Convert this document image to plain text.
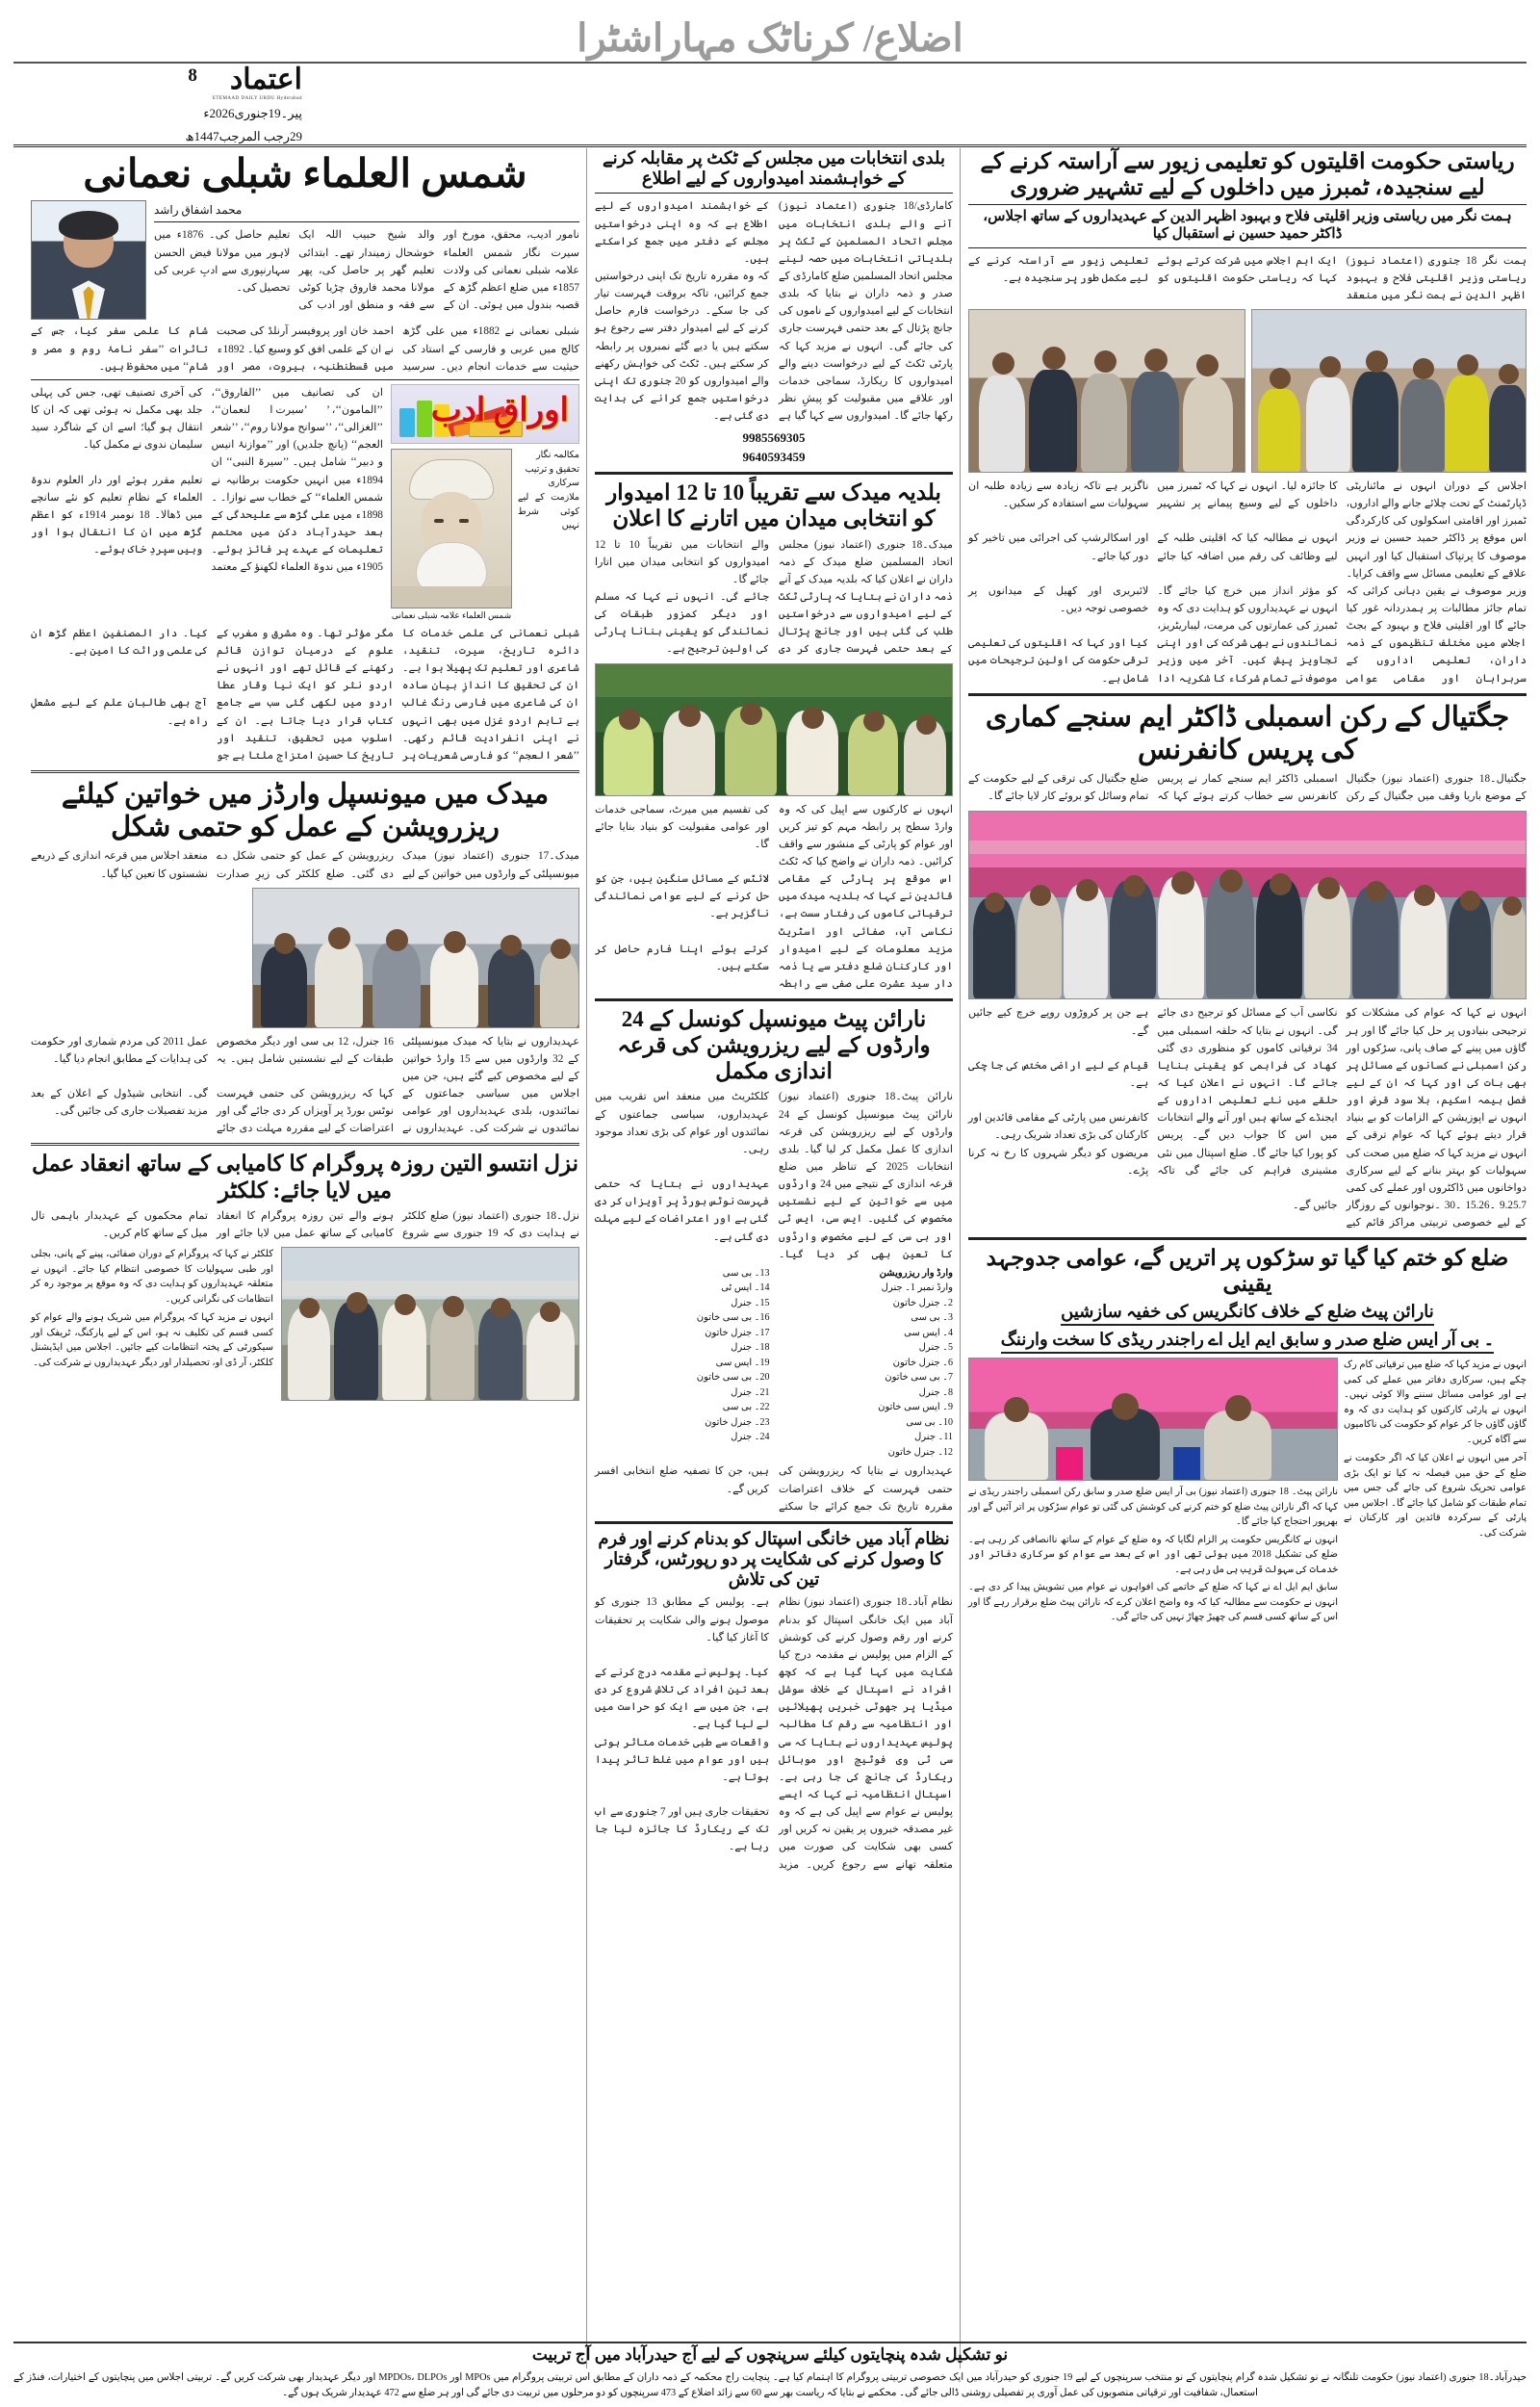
اضلاع/ کرناٹک مہاراشٹرا
اعتماد
ETEMAAD DAILY URDU Hyderabad
8
پیر۔19جنوری2026ء
29رجب المرجب1447ھ
ریاستی حکومت اقلیتوں کو تعلیمی زیور سے آراستہ کرنے کے لیے سنجیدہ، ٹمبرز میں داخلوں کے لیے تشہیر ضروری
ہمت نگر میں ریاستی وزیر اقلیتی فلاح و بہبود اظہر الدین کے عہدیداروں کے ساتھ اجلاس، ڈاکٹر حمید حسین نے استقبال کیا
ہمت نگر 18 جنوری (اعتماد نیوز) ریاستی وزیر اقلیتی فلاح و بہبود اظہر الدین نے ہمت نگر میں منعقد ایک اہم اجلاس میں شرکت کرتے ہوئے کہا کہ ریاستی حکومت اقلیتوں کو تعلیمی زیور سے آراستہ کرنے کے لیے مکمل طور پر سنجیدہ ہے۔
اجلاس کے دوران انہوں نے مائناریٹی ڈپارٹمنٹ کے تحت چلائے جانے والے اداروں، ٹمبرز اور اقامتی اسکولوں کی کارکردگی کا جائزہ لیا۔ انہوں نے کہا کہ ٹمبرز میں داخلوں کے لیے وسیع پیمانے پر تشہیر ناگزیر ہے تاکہ زیادہ سے زیادہ طلبہ ان سہولیات سے استفادہ کر سکیں۔
اس موقع پر ڈاکٹر حمید حسین نے وزیر موصوف کا پرتپاک استقبال کیا اور انہیں علاقے کے تعلیمی مسائل سے واقف کرایا۔ انہوں نے مطالبہ کیا کہ اقلیتی طلبہ کے لیے وظائف کی رقم میں اضافہ کیا جائے اور اسکالرشپ کی اجرائی میں تاخیر کو دور کیا جائے۔
وزیر موصوف نے یقین دہانی کرائی کہ تمام جائز مطالبات پر ہمدردانہ غور کیا جائے گا اور اقلیتی فلاح و بہبود کے بجٹ کو مؤثر انداز میں خرچ کیا جائے گا۔ انہوں نے عہدیداروں کو ہدایت دی کہ وہ ٹمبرز کی عمارتوں کی مرمت، لیباریٹریز، لائبریری اور کھیل کے میدانوں پر خصوصی توجہ دیں۔
اجلاس میں مختلف تنظیموں کے ذمہ داران، تعلیمی اداروں کے سربراہان اور مقامی عوامی نمائندوں نے بھی شرکت کی اور اپنی تجاویز پیش کیں۔ آخر میں وزیر موصوف نے تمام شرکاء کا شکریہ ادا کیا اور کہا کہ اقلیتوں کی تعلیمی ترقی حکومت کی اولین ترجیحات میں شامل ہے۔
جگتیال کے رکن اسمبلی ڈاکٹر ایم سنجے کماری کی پریس کانفرنس
جگتیال۔18 جنوری (اعتماد نیوز) جگتیال کے موضع باریا وقف میں جگتیال کے رکن اسمبلی ڈاکٹر ایم سنجے کمار نے پریس کانفرنس سے خطاب کرتے ہوئے کہا کہ ضلع جگتیال کی ترقی کے لیے حکومت کے تمام وسائل کو بروئے کار لایا جائے گا۔
انہوں نے کہا کہ عوام کی مشکلات کو ترجیحی بنیادوں پر حل کیا جائے گا اور ہر گاؤں میں پینے کے صاف پانی، سڑکوں اور نکاسی آب کے مسائل کو ترجیح دی جائے گی۔ انہوں نے بتایا کہ حلقہ اسمبلی میں 34 ترقیاتی کاموں کو منظوری دی گئی ہے جن پر کروڑوں روپے خرچ کیے جائیں گے۔
رکن اسمبلی نے کسانوں کے مسائل پر بھی بات کی اور کہا کہ ان کے لیے فصل بیمہ اسکیم، بلا سود قرض اور کھاد کی فراہمی کو یقینی بنایا جائے گا۔ انہوں نے اعلان کیا کہ حلقے میں نئے تعلیمی اداروں کے قیام کے لیے اراضی مختص کی جا چکی ہے۔
انہوں نے اپوزیشن کے الزامات کو بے بنیاد قرار دیتے ہوئے کہا کہ عوام ترقی کے ایجنڈے کے ساتھ ہیں اور آنے والے انتخابات میں اس کا جواب دیں گے۔ پریس کانفرنس میں پارٹی کے مقامی قائدین اور کارکنان کی بڑی تعداد شریک رہی۔
انہوں نے مزید کہا کہ ضلع میں صحت کی سہولیات کو بہتر بنانے کے لیے سرکاری دواخانوں میں ڈاکٹروں اور عملے کی کمی کو پورا کیا جائے گا۔ ضلع اسپتال میں نئی مشینری فراہم کی جائے گی تاکہ مریضوں کو دیگر شہروں کا رخ نہ کرنا پڑے۔
9.25.7 ۔15.26 ۔30 ۔نوجوانوں کے روزگار کے لیے خصوصی تربیتی مراکز قائم کیے جائیں گے۔
ضلع کو ختم کیا گیا تو سڑکوں پر اتریں گے، عوامی جدوجہد یقینی
نارائن پیٹ ضلع کے خلاف کانگریس کی خفیہ سازشیں
۔ بی آر ایس ضلع صدر و سابق ایم ایل اے راجندر ریڈی کا سخت وارننگ
انہوں نے مزید کہا کہ ضلع میں ترقیاتی کام رک چکے ہیں، سرکاری دفاتر میں عملے کی کمی ہے اور عوامی مسائل سننے والا کوئی نہیں۔ انہوں نے پارٹی کارکنوں کو ہدایت دی کہ وہ گاؤں گاؤں جا کر عوام کو حکومت کی ناکامیوں سے آگاہ کریں۔
آخر میں انہوں نے اعلان کیا کہ اگر حکومت نے ضلع کے حق میں فیصلہ نہ کیا تو ایک بڑی عوامی تحریک شروع کی جائے گی جس میں تمام طبقات کو شامل کیا جائے گا۔ اجلاس میں پارٹی کے سرکردہ قائدین اور کارکنان نے شرکت کی۔
نارائن پیٹ۔ 18 جنوری (اعتماد نیوز) بی آر ایس ضلع صدر و سابق رکن اسمبلی راجندر ریڈی نے کہا کہ اگر نارائن پیٹ ضلع کو ختم کرنے کی کوشش کی گئی تو عوام سڑکوں پر اتر آئیں گے اور بھرپور احتجاج کیا جائے گا۔
انہوں نے کانگریس حکومت پر الزام لگایا کہ وہ ضلع کے عوام کے ساتھ ناانصافی کر رہی ہے۔ ضلع کی تشکیل 2018 میں ہوئی تھی اور اس کے بعد سے عوام کو سرکاری دفاتر اور خدمات کی سہولت قریب ہی مل رہی ہے۔
سابق ایم ایل اے نے کہا کہ ضلع کے خاتمے کی افواہوں نے عوام میں تشویش پیدا کر دی ہے۔ انہوں نے حکومت سے مطالبہ کیا کہ وہ واضح اعلان کرے کہ نارائن پیٹ ضلع برقرار رہے گا اور اس کے ساتھ کسی قسم کی چھیڑ چھاڑ نہیں کی جائے گی۔
بلدی انتخابات میں مجلس کے ٹکٹ پر مقابلہ کرنے کے خواہشمند امیدواروں کے لیے اطلاع
کامارڈی/18 جنوری (اعتماد نیوز) آنے والے بلدی انتخابات میں مجلس اتحاد المسلمین کے ٹکٹ پر بلدیاتی انتخابات میں حصہ لینے کے خواہشمند امیدواروں کے لیے اطلاع ہے کہ وہ اپنی درخواستیں مجلس کے دفتر میں جمع کراسکتے ہیں۔
مجلس اتحاد المسلمین ضلع کامارڈی کے صدر و ذمہ داران نے بتایا کہ بلدی انتخابات کے لیے امیدواروں کے ناموں کی جانچ پڑتال کے بعد حتمی فہرست جاری کی جائے گی۔ انہوں نے مزید کہا کہ پارٹی ٹکٹ کے لیے درخواست دینے والے امیدواروں کا ریکارڈ، سماجی خدمات اور علاقے میں مقبولیت کو پیشِ نظر رکھا جائے گا۔ امیدواروں سے کہا گیا ہے کہ وہ مقررہ تاریخ تک اپنی درخواستیں جمع کرائیں، تاکہ بروقت فہرست تیار کی جا سکے۔ درخواست فارم حاصل کرنے کے لیے امیدوار دفتر سے رجوع ہو سکتے ہیں یا دیے گئے نمبروں پر رابطہ کر سکتے ہیں۔ ٹکٹ کی خواہش رکھنے والے امیدواروں کو 20 جنوری تک اپنی درخواستیں جمع کرانے کی ہدایت دی گئی ہے۔
9985569305
9640593459
بلدیہ میدک سے تقریباً 10 تا 12 امیدوار کو انتخابی میدان میں اتارنے کا اعلان
میدک۔18 جنوری (اعتماد نیوز) مجلس اتحاد المسلمین ضلع میدک کے ذمہ داران نے اعلان کیا کہ بلدیہ میدک کے آنے والے انتخابات میں تقریباً 10 تا 12 امیدواروں کو انتخابی میدان میں اتارا جائے گا۔
ذمہ داران نے بتایا کہ پارٹی ٹکٹ کے لیے امیدواروں سے درخواستیں طلب کی گئی ہیں اور جانچ پڑتال کے بعد حتمی فہرست جاری کر دی جائے گی۔ انہوں نے کہا کہ مسلم اور دیگر کمزور طبقات کی نمائندگی کو یقینی بنانا پارٹی کی اولین ترجیح ہے۔
انہوں نے کارکنوں سے اپیل کی کہ وہ وارڈ سطح پر رابطہ مہم کو تیز کریں اور عوام کو پارٹی کے منشور سے واقف کرائیں۔ ذمہ داران نے واضح کیا کہ ٹکٹ کی تقسیم میں میرٹ، سماجی خدمات اور عوامی مقبولیت کو بنیاد بنایا جائے گا۔
اس موقع پر پارٹی کے مقامی قائدین نے کہا کہ بلدیہ میدک میں ترقیاتی کاموں کی رفتار سست ہے، نکاسی آب، صفائی اور اسٹریٹ لائٹس کے مسائل سنگین ہیں، جن کو حل کرنے کے لیے عوامی نمائندگی ناگزیر ہے۔
مزید معلومات کے لیے امیدوار اور کارکنان ضلع دفتر سے یا ذمہ دار سید عشرت علی صفی سے رابطہ کرتے ہوئے اپنا فارم حاصل کر سکتے ہیں۔
نارائن پیٹ میونسپل کونسل کے 24 وارڈوں کے لیے ریزرویشن کی قرعہ اندازی مکمل
نارائن پیٹ۔18 جنوری (اعتماد نیوز) نارائن پیٹ میونسپل کونسل کے 24 وارڈوں کے لیے ریزرویشن کی قرعہ اندازی کا عمل مکمل کر لیا گیا۔ بلدی انتخابات 2025 کے تناظر میں ضلع کلکٹریٹ میں منعقد اس تقریب میں عہدیداروں، سیاسی جماعتوں کے نمائندوں اور عوام کی بڑی تعداد موجود رہی۔
قرعہ اندازی کے نتیجے میں 24 وارڈوں میں سے خواتین کے لیے نشستیں مخصوص کی گئیں۔ ایس سی، ایس ٹی اور بی سی کے لیے مخصوص وارڈوں کا تعین بھی کر دیا گیا۔ عہدیداروں نے بتایا کہ حتمی فہرست نوٹس بورڈ پر آویزاں کر دی گئی ہے اور اعتراضات کے لیے مہلت دی گئی ہے۔
وارڈ وار ریزرویشن
وارڈ نمبر 1۔ جنرل
2۔ جنرل خاتون
3۔ بی سی
4۔ ایس سی
5۔ جنرل
6۔ جنرل خاتون
7۔ بی سی خاتون
8۔ جنرل
9۔ ایس سی خاتون
10۔ بی سی
11۔ جنرل
12۔ جنرل خاتون
13۔ بی سی
14۔ ایس ٹی
15۔ جنرل
16۔ بی سی خاتون
17۔ جنرل خاتون
18۔ جنرل
19۔ ایس سی
20۔ بی سی خاتون
21۔ جنرل
22۔ بی سی
23۔ جنرل خاتون
24۔ جنرل
عہدیداروں نے بتایا کہ ریزرویشن کی حتمی فہرست کے خلاف اعتراضات مقررہ تاریخ تک جمع کرائے جا سکتے ہیں، جن کا تصفیہ ضلع انتخابی افسر کریں گے۔
نظام آباد میں خانگی اسپتال کو بدنام کرنے اور فرم کا وصول کرنے کی شکایت پر دو رپورٹس، گرفتار تین کی تلاش
نظام آباد۔18 جنوری (اعتماد نیوز) نظام آباد میں ایک خانگی اسپتال کو بدنام کرنے اور رقم وصول کرنے کی کوشش کے الزام میں پولیس نے مقدمہ درج کیا ہے۔ پولیس کے مطابق 13 جنوری کو موصول ہونے والی شکایت پر تحقیقات کا آغاز کیا گیا۔
شکایت میں کہا گیا ہے کہ کچھ افراد نے اسپتال کے خلاف سوشل میڈیا پر جھوٹی خبریں پھیلائیں اور انتظامیہ سے رقم کا مطالبہ کیا۔ پولیس نے مقدمہ درج کرنے کے بعد تین افراد کی تلاش شروع کر دی ہے، جن میں سے ایک کو حراست میں لے لیا گیا ہے۔
پولیس عہدیداروں نے بتایا کہ سی سی ٹی وی فوٹیج اور موبائل ریکارڈ کی جانچ کی جا رہی ہے۔ اسپتال انتظامیہ نے کہا کہ ایسے واقعات سے طبی خدمات متاثر ہوتی ہیں اور عوام میں غلط تاثر پیدا ہوتا ہے۔
پولیس نے عوام سے اپیل کی ہے کہ وہ غیر مصدقہ خبروں پر یقین نہ کریں اور کسی بھی شکایت کی صورت میں متعلقہ تھانے سے رجوع کریں۔ مزید تحقیقات جاری ہیں اور 7 جنوری سے اب تک کے ریکارڈ کا جائزہ لیا جا رہا ہے۔
شمس العلماء شبلی نعمانی
محمد اشفاق راشد
نامور ادیب، محقق، مورخ اور سیرت نگار شمس العلماء علامہ شبلی نعمانی کی ولادت 1857ء میں ضلع اعظم گڑھ کے قصبہ بندول میں ہوئی۔ ان کے والد شیخ حبیب اللہ ایک خوشحال زمیندار تھے۔ ابتدائی تعلیم گھر پر حاصل کی، پھر مولانا محمد فاروق چڑیا کوٹی سے فقہ و منطق اور ادب کی تعلیم حاصل کی۔ 1876ء میں لاہور میں مولانا فیض الحسن سہارنپوری سے ادبِ عربی کی تحصیل کی۔
شبلی نعمانی نے 1882ء میں علی گڑھ کالج میں عربی و فارسی کے استاد کی حیثیت سے خدمات انجام دیں۔ سرسید احمد خان اور پروفیسر آرنلڈ کی صحبت نے ان کے علمی افق کو وسیع کیا۔ 1892ء میں قسطنطنیہ، بیروت، مصر اور شام کا علمی سفر کیا، جس کے تاثرات ’’سفر نامۂ روم و مصر و شام‘‘ میں محفوظ ہیں۔
اوراقِ ادب
مکالمہ نگار
تحقیق و ترتیب
سرکاری ملازمت کے لیے کوئی شرط نہیں
شمس العلماء علامہ شبلی نعمانی
ان کی تصانیف میں ’’الفاروق‘‘، ’’المامون‘‘، ’’سیرت النعمان‘‘، ’’الغزالی‘‘، ’’سوانح مولانا روم‘‘، ’’شعر العجم‘‘ (پانچ جلدیں) اور ’’موازنۂ انیس و دبیر‘‘ شامل ہیں۔ ’’سیرۃ النبی‘‘ ان کی آخری تصنیف تھی، جس کی پہلی جلد بھی مکمل نہ ہوئی تھی کہ ان کا انتقال ہو گیا؛ اسے ان کے شاگرد سید سلیمان ندوی نے مکمل کیا۔
1894ء میں انہیں حکومت برطانیہ نے ’’شمس العلماء‘‘ کے خطاب سے نوازا۔ 1898ء میں علی گڑھ سے علیحدگی کے بعد حیدرآباد دکن میں محتمم تعلیمات کے عہدے پر فائز ہوئے۔ 1905ء میں ندوۃ العلماء لکھنؤ کے معتمد تعلیم مقرر ہوئے اور دار العلوم ندوۃ العلماء کے نظامِ تعلیم کو نئے سانچے میں ڈھالا۔ 18 نومبر 1914ء کو اعظم گڑھ میں ان کا انتقال ہوا اور وہیں سپردِ خاک ہوئے۔
شبلی نعمانی کی علمی خدمات کا دائرہ تاریخ، سیرت، تنقید، شاعری اور تعلیم تک پھیلا ہوا ہے۔ ان کی تحقیق کا اندازِ بیان سادہ مگر مؤثر تھا۔ وہ مشرق و مغرب کے علوم کے درمیان توازن قائم رکھنے کے قائل تھے اور انہوں نے اردو نثر کو ایک نیا وقار عطا کیا۔ دار المصنفین اعظم گڑھ ان کی علمی وراثت کا امین ہے۔
ان کی شاعری میں فارسی رنگ غالب ہے تاہم اردو غزل میں بھی انہوں نے اپنی انفرادیت قائم رکھی۔ ’’شعر العجم‘‘ کو فارسی شعریات پر اردو میں لکھی گئی سب سے جامع کتاب قرار دیا جاتا ہے۔ ان کے اسلوب میں تحقیق، تنقید اور تاریخ کا حسین امتزاج ملتا ہے جو آج بھی طالبانِ علم کے لیے مشعلِ راہ ہے۔
میدک میں میونسپل وارڈز میں خواتین کیلئے ریزرویشن کے عمل کو حتمی شکل
میدک۔17 جنوری (اعتماد نیوز) میدک میونسپلٹی کے وارڈوں میں خواتین کے لیے ریزرویشن کے عمل کو حتمی شکل دے دی گئی۔ ضلع کلکٹر کی زیرِ صدارت منعقد اجلاس میں قرعہ اندازی کے ذریعے نشستوں کا تعین کیا گیا۔
عہدیداروں نے بتایا کہ میدک میونسپلٹی کے 32 وارڈوں میں سے 15 وارڈ خواتین کے لیے مخصوص کیے گئے ہیں، جن میں 16 جنرل، 12 بی سی اور دیگر مخصوص طبقات کے لیے نشستیں شامل ہیں۔ یہ عمل 2011 کی مردم شماری اور حکومت کی ہدایات کے مطابق انجام دیا گیا۔
اجلاس میں سیاسی جماعتوں کے نمائندوں، بلدی عہدیداروں اور عوامی نمائندوں نے شرکت کی۔ عہدیداروں نے کہا کہ ریزرویشن کی حتمی فہرست نوٹس بورڈ پر آویزاں کر دی جائے گی اور اعتراضات کے لیے مقررہ مہلت دی جائے گی۔ انتخابی شیڈول کے اعلان کے بعد مزید تفصیلات جاری کی جائیں گی۔
نزل انتسو التین روزہ پروگرام کا کامیابی کے ساتھ انعقاد عمل میں لایا جائے: کلکٹر
نزل۔18 جنوری (اعتماد نیوز) ضلع کلکٹر نے ہدایت دی کہ 19 جنوری سے شروع ہونے والے تین روزہ پروگرام کا انعقاد کامیابی کے ساتھ عمل میں لایا جائے اور تمام محکموں کے عہدیدار باہمی تال میل کے ساتھ کام کریں۔
کلکٹر نے کہا کہ پروگرام کے دوران صفائی، پینے کے پانی، بجلی اور طبی سہولیات کا خصوصی انتظام کیا جائے۔ انہوں نے متعلقہ عہدیداروں کو ہدایت دی کہ وہ موقع پر موجود رہ کر انتظامات کی نگرانی کریں۔
انہوں نے مزید کہا کہ پروگرام میں شریک ہونے والے عوام کو کسی قسم کی تکلیف نہ ہو، اس کے لیے پارکنگ، ٹریفک اور سیکورٹی کے پختہ انتظامات کیے جائیں۔ اجلاس میں ایڈیشنل کلکٹر، آر ڈی او، تحصیلدار اور دیگر عہدیداروں نے شرکت کی۔
نو تشکیل شدہ پنچایتوں کیلئے سرپنچوں کے لیے آج حیدرآباد میں آج تربیت
حیدرآباد۔18 جنوری (اعتماد نیوز) حکومت تلنگانہ نے نو تشکیل شدہ گرام پنچایتوں کے نو منتخب سرپنچوں کے لیے 19 جنوری کو حیدرآباد میں ایک خصوصی تربیتی پروگرام کا اہتمام کیا ہے۔ پنچایت راج محکمہ کے ذمہ داران کے مطابق اس تربیتی پروگرام میں MPOs اور MPDOs، DLPOs اور دیگر عہدیدار بھی شرکت کریں گے۔ تربیتی اجلاس میں پنچایتوں کے اختیارات، فنڈز کے استعمال، شفافیت اور ترقیاتی منصوبوں کی عمل آوری پر تفصیلی روشنی ڈالی جائے گی۔ محکمے نے بتایا کہ ریاست بھر سے 60 سے زائد اضلاع کے 473 سرپنچوں کو دو مرحلوں میں تربیت دی جائے گی اور ہر ضلع سے 472 عہدیدار شریک ہوں گے۔
